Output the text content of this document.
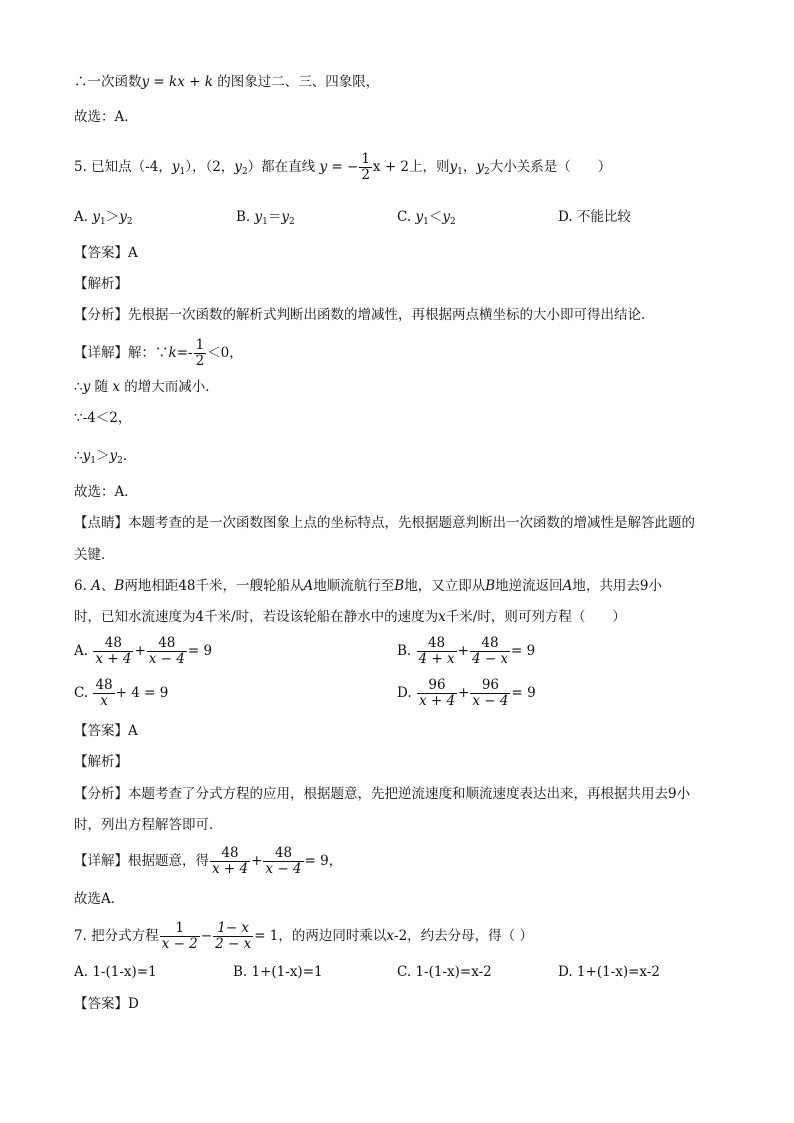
∴一次函数y = kx + k 的图象过二、三、四象限，
故选：A．
5. 已知点（-4，$y_1$），（2，$y_2$）都在直线 y = − $\frac{1}{2}$ x + 2上，则$y_1$，$y_2$大小关系是（　　）
A. $y_1>y_2$	B. $y_1=y_2$	C. $y_1<y_2$	D. 不能比较
【答案】A
【解析】
【分析】先根据一次函数的解析式判断出函数的增减性，再根据两点横坐标的大小即可得出结论．
【详解】解：∵k=- $\frac{1}{2} <0$，
∴y 随 x 的增大而减小．
∵-4＜2，
$\therefore y_1>y_2$．
故选：A．
【点睛】本题考查的是一次函数图象上点的坐标特点，先根据题意判断出一次函数的增减性是解答此题的
关键．
6. A、B两地相距48千米，一艘轮船从A地顺流航行至B地，又立即从B地逆流返回A地，共用去9小
时，已知水流速度为4千米/时，若设该轮船在静水中的速度为x千米/时，则可列方程（　　）
A. $\frac{48}{x + 4} + \frac{48}{x - 4} = 9$	B. $\frac{48}{4 + x} + \frac{48}{4 - x} = 9$
C. $\frac{48}{x} + 4 = 9$	D. $\frac{96}{x + 4} + \frac{96}{x - 4} = 9$
【答案】A
【解析】
【分析】本题考查了分式方程的应用，根据题意，先把逆流速度和顺流速度表达出来，再根据共用去9小
时，列出方程解答即可．
【详解】根据题意，得 $\frac{48}{x + 4} + \frac{48}{x - 4} = 9$，
故选A．
7. 把分式方程 $\frac{1}{x - 2} - \frac{1- x}{2 - x} = 1$，的两边同时乘以x-2，约去分母，得（ ）
A. 1-(1-x)=1	B. 1+(1-x)=1	C. 1-(1-x)=x-2	D. 1+(1-x)=x-2
【答案】D
